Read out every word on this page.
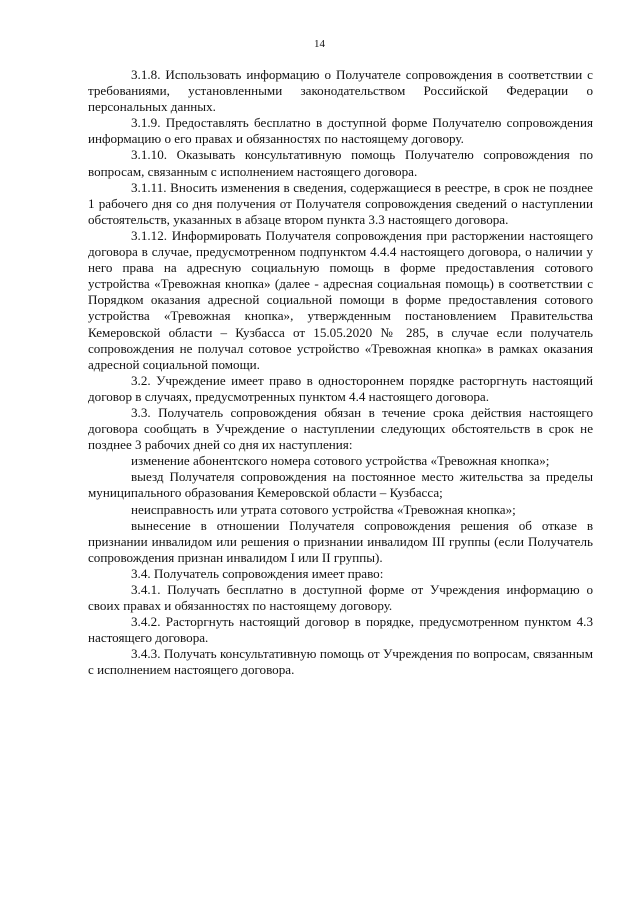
14

3.1.8. Использовать информацию о Получателе сопровождения в соответствии с требованиями, установленными законодательством Российской Федерации о персональных данных.

3.1.9. Предоставлять бесплатно в доступной форме Получателю сопровождения информацию о его правах и обязанностях по настоящему договору.

3.1.10. Оказывать консультативную помощь Получателю сопровождения по вопросам, связанным с исполнением настоящего договора.

3.1.11. Вносить изменения в сведения, содержащиеся в реестре, в срок не позднее 1 рабочего дня со дня получения от Получателя сопровождения сведений о наступлении обстоятельств, указанных в абзаце втором пункта 3.3 настоящего договора.

3.1.12. Информировать Получателя сопровождения при расторжении настоящего договора в случае, предусмотренном подпунктом 4.4.4 настоящего договора, о наличии у него права на адресную социальную помощь в форме предоставления сотового устройства «Тревожная кнопка» (далее - адресная социальная помощь) в соответствии с Порядком оказания адресной социальной помощи в форме предоставления сотового устройства «Тревожная кнопка», утвержденным постановлением Правительства Кемеровской области – Кузбасса от 15.05.2020 № 285, в случае если получатель сопровождения не получал сотовое устройство «Тревожная кнопка» в рамках оказания адресной социальной помощи.

3.2. Учреждение имеет право в одностороннем порядке расторгнуть настоящий договор в случаях, предусмотренных пунктом 4.4 настоящего договора.

3.3. Получатель сопровождения обязан в течение срока действия настоящего договора сообщать в Учреждение о наступлении следующих обстоятельств в срок не позднее 3 рабочих дней со дня их наступления:

изменение абонентского номера сотового устройства «Тревожная кнопка»;

выезд Получателя сопровождения на постоянное место жительства за пределы муниципального образования Кемеровской области – Кузбасса;

неисправность или утрата сотового устройства «Тревожная кнопка»;

вынесение в отношении Получателя сопровождения решения об отказе в признании инвалидом или решения о признании инвалидом III группы (если Получатель сопровождения признан инвалидом I или II группы).

3.4. Получатель сопровождения имеет право:

3.4.1. Получать бесплатно в доступной форме от Учреждения информацию о своих правах и обязанностях по настоящему договору.

3.4.2. Расторгнуть настоящий договор в порядке, предусмотренном пунктом 4.3 настоящего договора.

3.4.3. Получать консультативную помощь от Учреждения по вопросам, связанным с исполнением настоящего договора.
